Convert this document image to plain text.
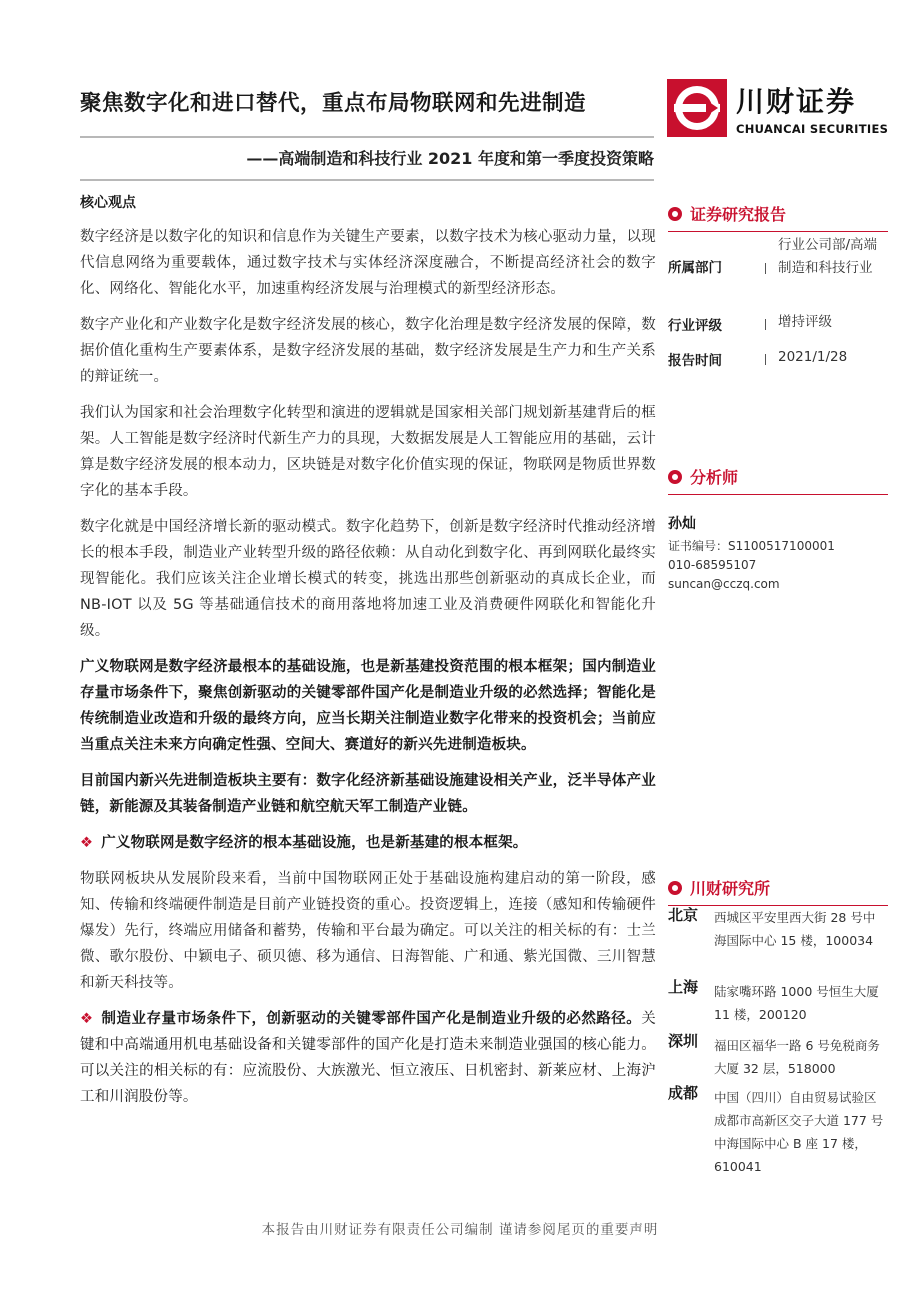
聚焦数字化和进口替代，重点布局物联网和先进制造
——高端制造和科技行业 2021 年度和第一季度投资策略
川财证券
CHUANCAI SECURITIES
核心观点

数字经济是以数字化的知识和信息作为关键生产要素，以数字技术为核心驱动力量，以现代信息网络为重要载体，通过数字技术与实体经济深度融合，不断提高经济社会的数字化、网络化、智能化水平，加速重构经济发展与治理模式的新型经济形态。

数字产业化和产业数字化是数字经济发展的核心，数字化治理是数字经济发展的保障，数据价值化重构生产要素体系，是数字经济发展的基础，数字经济发展是生产力和生产关系的辩证统一。

我们认为国家和社会治理数字化转型和演进的逻辑就是国家相关部门规划新基建背后的框架。人工智能是数字经济时代新生产力的具现，大数据发展是人工智能应用的基础，云计算是数字经济发展的根本动力，区块链是对数字化价值实现的保证，物联网是物质世界数字化的基本手段。

数字化就是中国经济增长新的驱动模式。数字化趋势下，创新是数字经济时代推动经济增长的根本手段，制造业产业转型升级的路径依赖：从自动化到数字化、再到网联化最终实现智能化。我们应该关注企业增长模式的转变，挑选出那些创新驱动的真成长企业，而 NB-IOT 以及 5G 等基础通信技术的商用落地将加速工业及消费硬件网联化和智能化升级。

广义物联网是数字经济最根本的基础设施，也是新基建投资范围的根本框架；国内制造业存量市场条件下，聚焦创新驱动的关键零部件国产化是制造业升级的必然选择；智能化是传统制造业改造和升级的最终方向，应当长期关注制造业数字化带来的投资机会；当前应当重点关注未来方向确定性强、空间大、赛道好的新兴先进制造板块。

目前国内新兴先进制造板块主要有：数字化经济新基础设施建设相关产业，泛半导体产业链，新能源及其装备制造产业链和航空航天军工制造产业链。

❖ 广义物联网是数字经济的根本基础设施，也是新基建的根本框架。

物联网板块从发展阶段来看，当前中国物联网正处于基础设施构建启动的第一阶段，感知、传输和终端硬件制造是目前产业链投资的重心。投资逻辑上，连接（感知和传输硬件爆发）先行，终端应用储备和蓄势，传输和平台最为确定。可以关注的相关标的有：士兰微、歌尔股份、中颖电子、硕贝德、移为通信、日海智能、广和通、紫光国微、三川智慧和新天科技等。

❖ 制造业存量市场条件下，创新驱动的关键零部件国产化是制造业升级的必然路径。关键和中高端通用机电基础设备和关键零部件的国产化是打造未来制造业强国的核心能力。可以关注的相关标的有：应流股份、大族激光、恒立液压、日机密封、新莱应材、上海沪工和川润股份等。

证券研究报告
所属部门
行业公司部/高端制造和科技行业
行业评级	增持评级
报告时间	2021/1/28
分析师
孙灿
证书编号：S1100517100001
010-68595107
suncan@cczq.com
川财研究所
北京 西城区平安里西大街 28 号中海国际中心 15 楼，100034
上海 陆家嘴环路 1000 号恒生大厦 11 楼，200120
深圳 福田区福华一路 6 号免税商务大厦 32 层，518000
成都 中国（四川）自由贸易试验区成都市高新区交子大道 177 号中海国际中心 B 座 17 楼，610041
本报告由川财证券有限责任公司编制 谨请参阅尾页的重要声明
